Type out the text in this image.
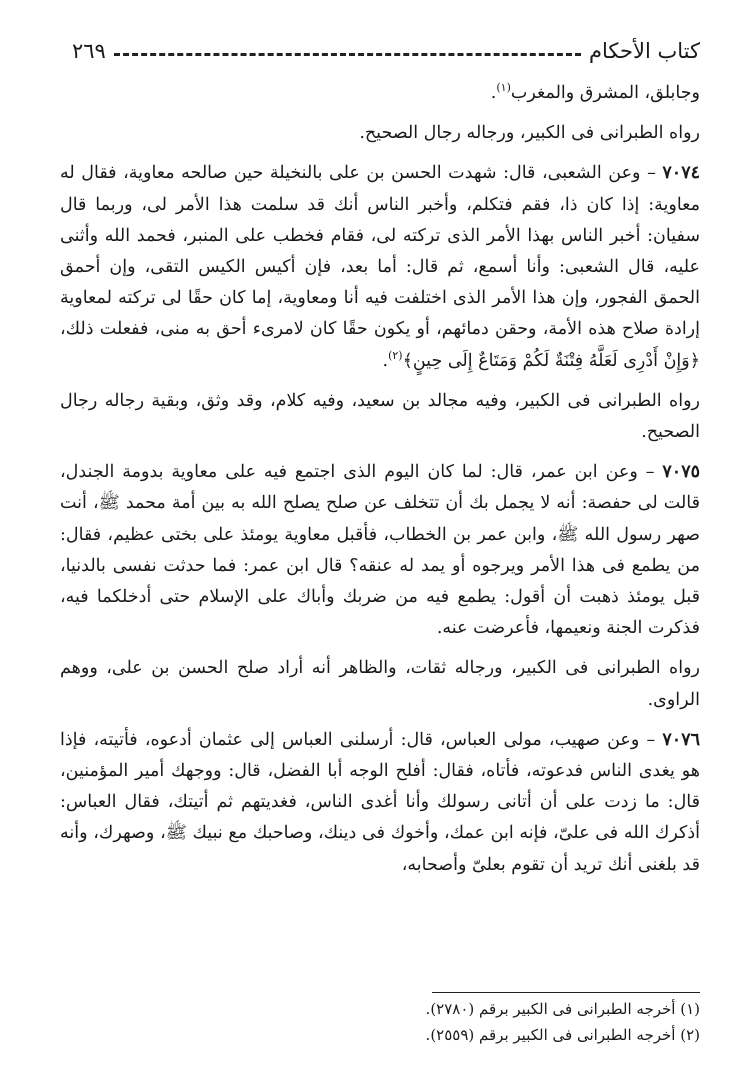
كتاب الأحكام
٢٦٩

وجابلق، المشرق والمغرب$^{(١)}$.

رواه الطبرانى فى الكبير، ورجاله رجال الصحيح.

٧٠٧٤ – وعن الشعبى، قال: شهدت الحسن بن على بالنخيلة حين صالحه معاوية، فقال له معاوية: إذا كان ذا، فقم فتكلم، وأخبر الناس أنك قد سلمت هذا الأمر لى، وربما قال سفيان: أخبر الناس بهذا الأمر الذى تركته لى، فقام فخطب على المنبر، فحمد الله وأثنى عليه، قال الشعبى: وأنا أسمع، ثم قال: أما بعد، فإن أكيس الكيس التقى، وإن أحمق الحمق الفجور، وإن هذا الأمر الذى اختلفت فيه أنا ومعاوية، إما كان حقًا لى تركته لمعاوية إرادة صلاح هذه الأمة، وحقن دمائهم، أو يكون حقًا كان لامرىء أحق به منى، ففعلت ذلك، ﴿وَإِنْ أَدْرِى لَعَلَّهُ فِتْنَةٌ لَكُمْ وَمَتَاعٌ إِلَى حِينٍ﴾$^{(٢)}$.

رواه الطبرانى فى الكبير، وفيه مجالد بن سعيد، وفيه كلام، وقد وثق، وبقية رجاله رجال الصحيح.

٧٠٧٥ – وعن ابن عمر، قال: لما كان اليوم الذى اجتمع فيه على معاوية بدومة الجندل، قالت لى حفصة: أنه لا يجمل بك أن تتخلف عن صلح يصلح الله به بين أمة محمد ﷺ، أنت صهر رسول الله ﷺ، وابن عمر بن الخطاب، فأقبل معاوية يومئذ على بختى عظيم، فقال: من يطمع فى هذا الأمر ويرجوه أو يمد له عنقه؟ قال ابن عمر: فما حدثت نفسى بالدنيا، قبل يومئذ ذهبت أن أقول: يطمع فيه من ضربك وأباك على الإسلام حتى أدخلكما فيه، فذكرت الجنة ونعيمها، فأعرضت عنه.

رواه الطبرانى فى الكبير، ورجاله ثقات، والظاهر أنه أراد صلح الحسن بن على، ووهم الراوى.

٧٠٧٦ – وعن صهيب، مولى العباس، قال: أرسلنى العباس إلى عثمان أدعوه، فأتيته، فإذا هو يغدى الناس فدعوته، فأتاه، فقال: أفلح الوجه أبا الفضل، قال: ووجهك أمير المؤمنين، قال: ما زدت على أن أتانى رسولك وأنا أغدى الناس، فغديتهم ثم أتيتك، فقال العباس: أذكرك الله فى علىّ، فإنه ابن عمك، وأخوك فى دينك، وصاحبك مع نبيك ﷺ، وصهرك، وأنه قد بلغنى أنك تريد أن تقوم بعلىّ وأصحابه،

(١) أخرجه الطبرانى فى الكبير برقم (٢٧٨٠).
(٢) أخرجه الطبرانى فى الكبير برقم (٢٥٥٩).
